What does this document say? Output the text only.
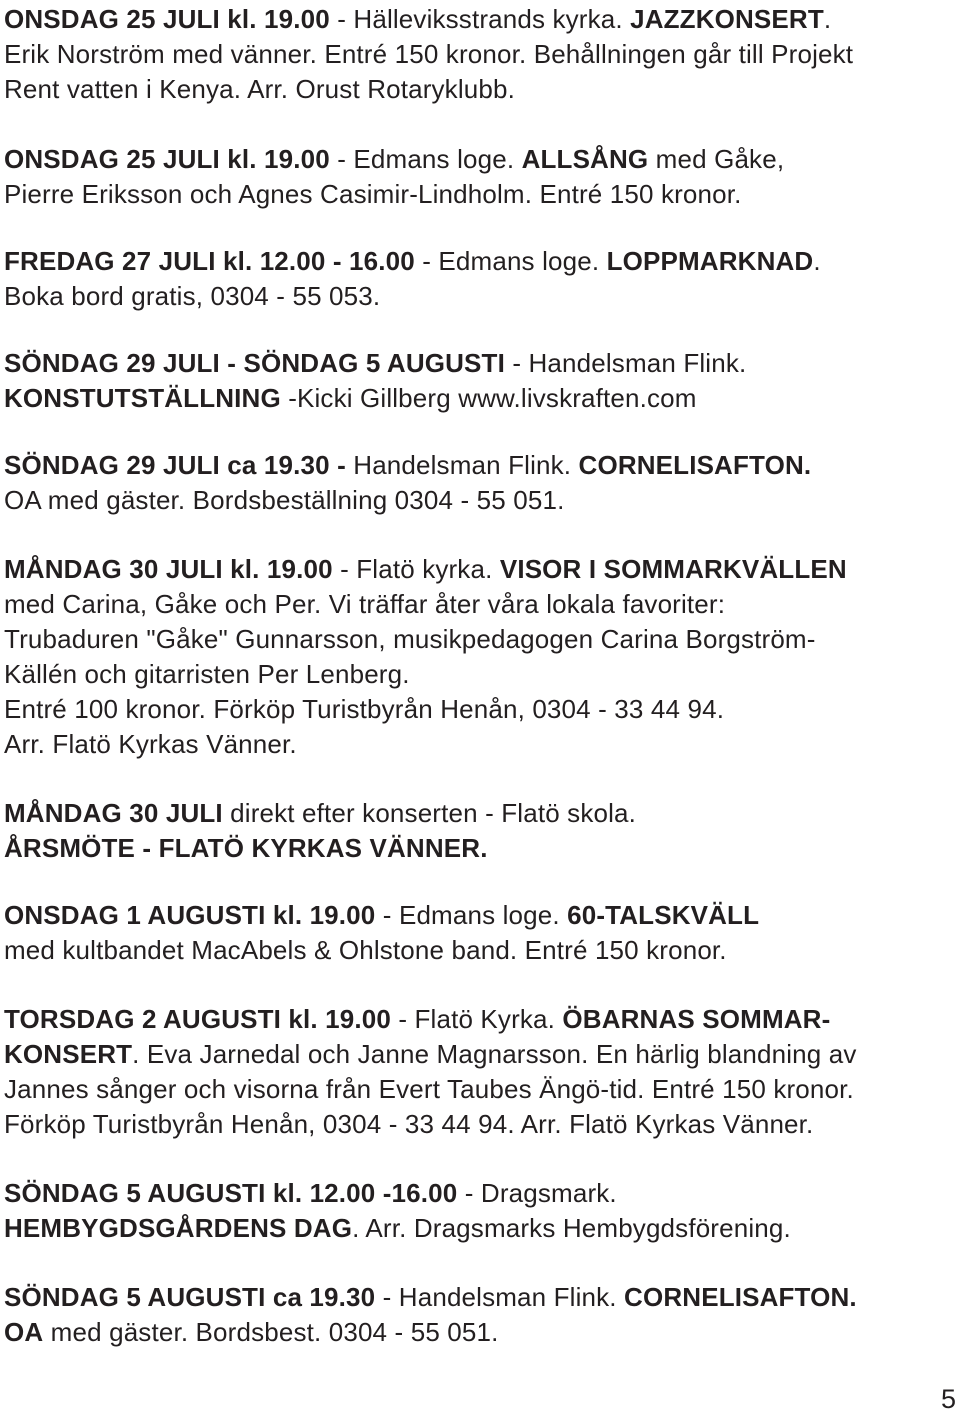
ONSDAG 25 JULI kl. 19.00 - Hälleviksstrands kyrka. JAZZKONSERT.
Erik Norström med vänner. Entré 150 kronor. Behållningen går till Projekt
Rent vatten i Kenya. Arr. Orust Rotaryklubb.
ONSDAG 25 JULI kl. 19.00 - Edmans loge. ALLSÅNG med Gåke,
Pierre Eriksson och Agnes Casimir-Lindholm. Entré 150 kronor.
FREDAG 27 JULI kl. 12.00 - 16.00 - Edmans loge. LOPPMARKNAD.
Boka bord gratis, 0304 - 55 053.
SÖNDAG 29 JULI - SÖNDAG 5 AUGUSTI - Handelsman Flink.
KONSTUTSTÄLLNING -Kicki Gillberg www.livskraften.com
SÖNDAG 29 JULI ca 19.30 - Handelsman Flink. CORNELISAFTON.
OA med gäster. Bordsbeställning 0304 - 55 051.
MÅNDAG 30 JULI kl. 19.00 - Flatö kyrka. VISOR I SOMMARKVÄLLEN
med Carina, Gåke och Per. Vi träffar åter våra lokala favoriter:
Trubaduren "Gåke" Gunnarsson, musikpedagogen Carina Borgström-
Källén och gitarristen Per Lenberg.
Entré 100 kronor. Förköp Turistbyrån Henån, 0304 - 33 44 94.
Arr. Flatö Kyrkas Vänner.
MÅNDAG 30 JULI direkt efter konserten - Flatö skola.
ÅRSMÖTE - FLATÖ KYRKAS VÄNNER.
ONSDAG 1 AUGUSTI kl. 19.00 - Edmans loge. 60-TALSKVÄLL
med kultbandet MacAbels & Ohlstone band. Entré 150 kronor.
TORSDAG 2 AUGUSTI kl. 19.00 - Flatö Kyrka. ÖBARNAS SOMMAR-
KONSERT. Eva Jarnedal och Janne Magnarsson. En härlig blandning av
Jannes sånger och visorna från Evert Taubes Ängö-tid. Entré 150 kronor.
Förköp Turistbyrån Henån, 0304 - 33 44 94. Arr. Flatö Kyrkas Vänner.
SÖNDAG 5 AUGUSTI kl. 12.00 -16.00 - Dragsmark.
HEMBYGDSGÅRDENS DAG. Arr. Dragsmarks Hembygdsförening.
SÖNDAG 5 AUGUSTI ca 19.30 - Handelsman Flink. CORNELISAFTON.
OA med gäster. Bordsbest. 0304 - 55 051.
5
